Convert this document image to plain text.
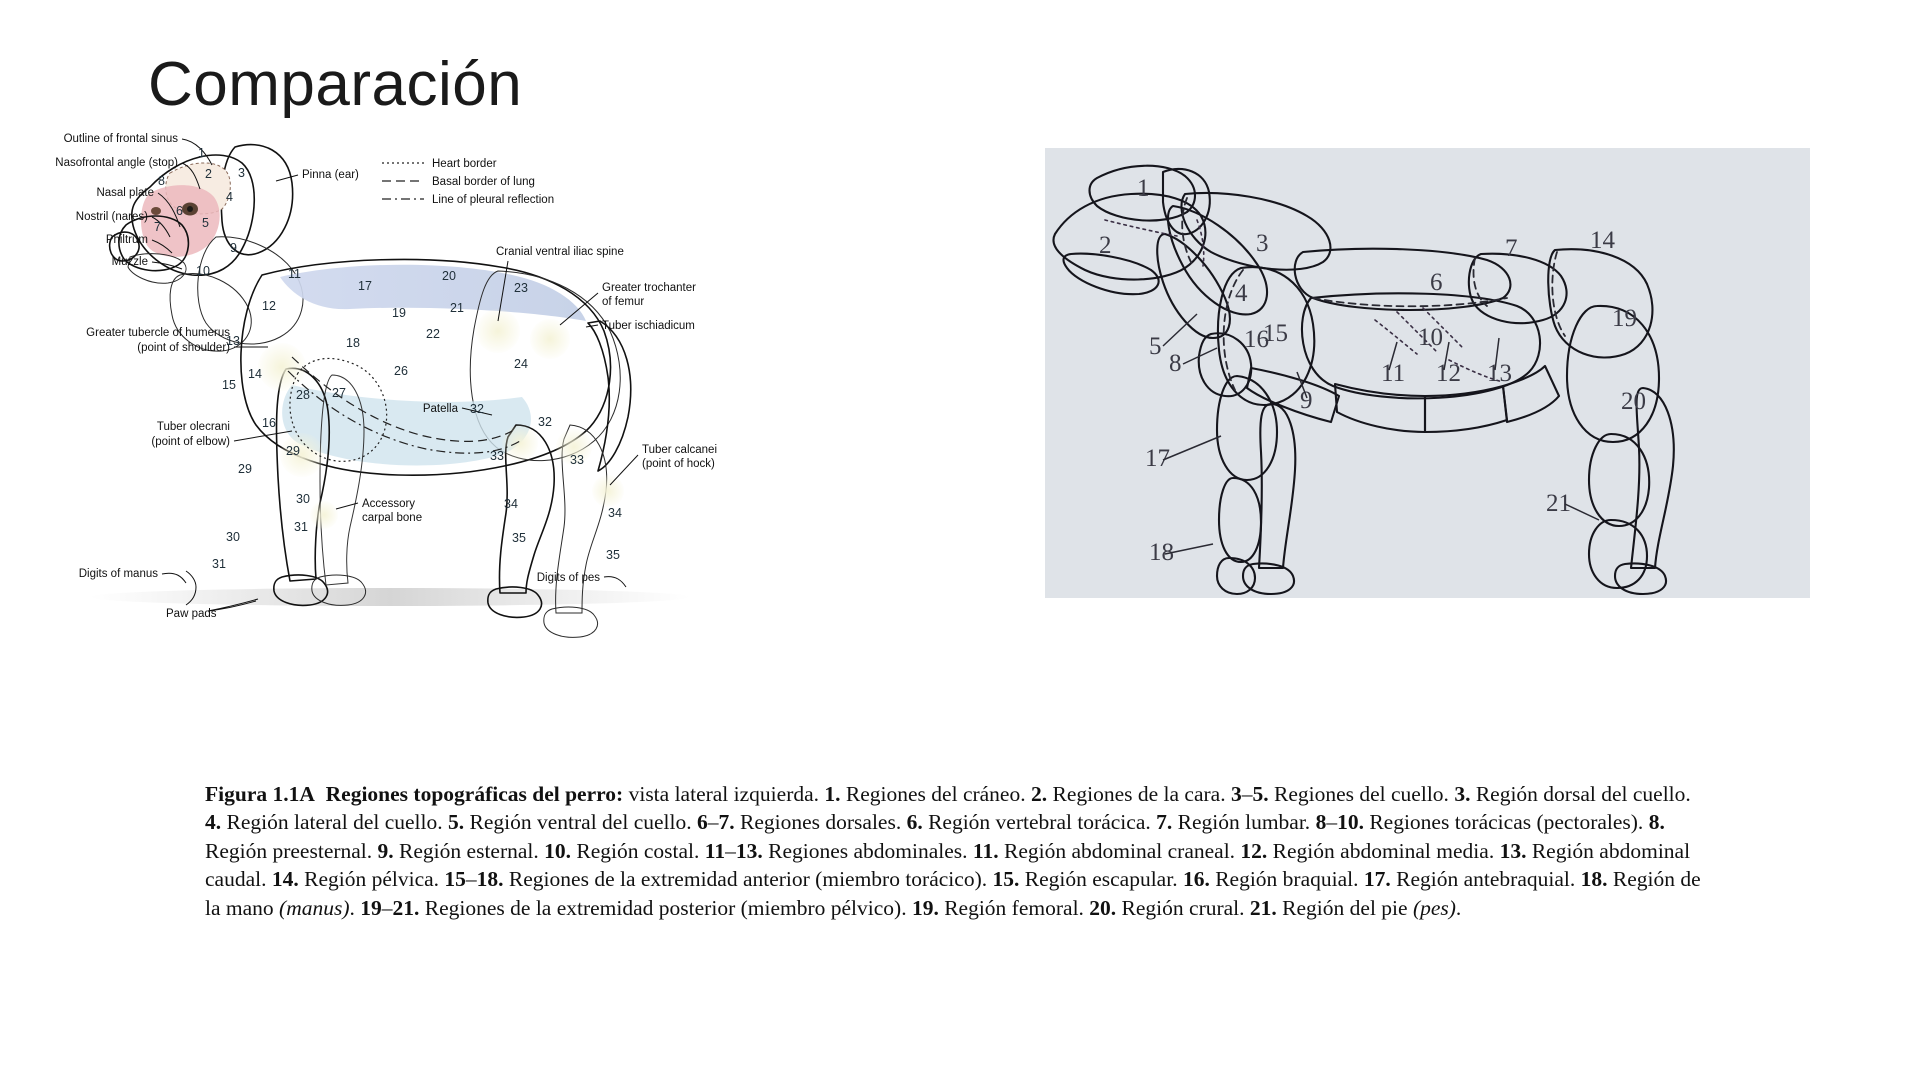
Comparación
Heart border
Basal border of lung
Line of pleural reflection
Outline of frontal sinus
Nasofrontal angle (stop)
Nasal plate
Nostril (nares)
Philtrum
Muzzle
Greater tubercle of humerus
(point of shoulder)
Tuber olecrani
(point of elbow)
Digits of manus
Paw pads
Pinna (ear)
Cranial ventral iliac spine
Greater trochanter
of femur
Tuber ischiadicum
Tuber calcanei
(point of hock)
Accessory
carpal bone
Patella
Digits of pes
1
2 3
4
5
6
7
8
9
10	11
12
13
14
15
16
17
18
19
20
21
22
23
24
25
26
27
28
29
29
30
30
31
31
32
32
33	33
34
34
35
35
1
2	3
4
5
6
7
8
9
10
11 12 13
14
15
16
17
18
19
20
21
Figura 1.1A Regiones topográficas del perro: vista lateral izquierda. 1. Regiones del cráneo. 2. Regiones de la cara. 3–5. Regiones del cuello. 3. Región dorsal del cuello. 4. Región lateral del cuello. 5. Región ventral del cuello. 6–7. Regiones dorsales. 6. Región vertebral torácica. 7. Región lumbar. 8–10. Regiones torácicas (pectorales). 8. Región preesternal. 9. Región esternal. 10. Región costal. 11–13. Regiones abdominales. 11. Región abdominal craneal. 12. Región abdominal media. 13. Región abdominal caudal. 14. Región pélvica. 15–18. Regiones de la extremidad anterior (miembro torácico). 15. Región escapular. 16. Región braquial. 17. Región antebraquial. 18. Región de la mano (manus). 19–21. Regiones de la extremidad posterior (miembro pélvico). 19. Región femoral. 20. Región crural. 21. Región del pie (pes).
